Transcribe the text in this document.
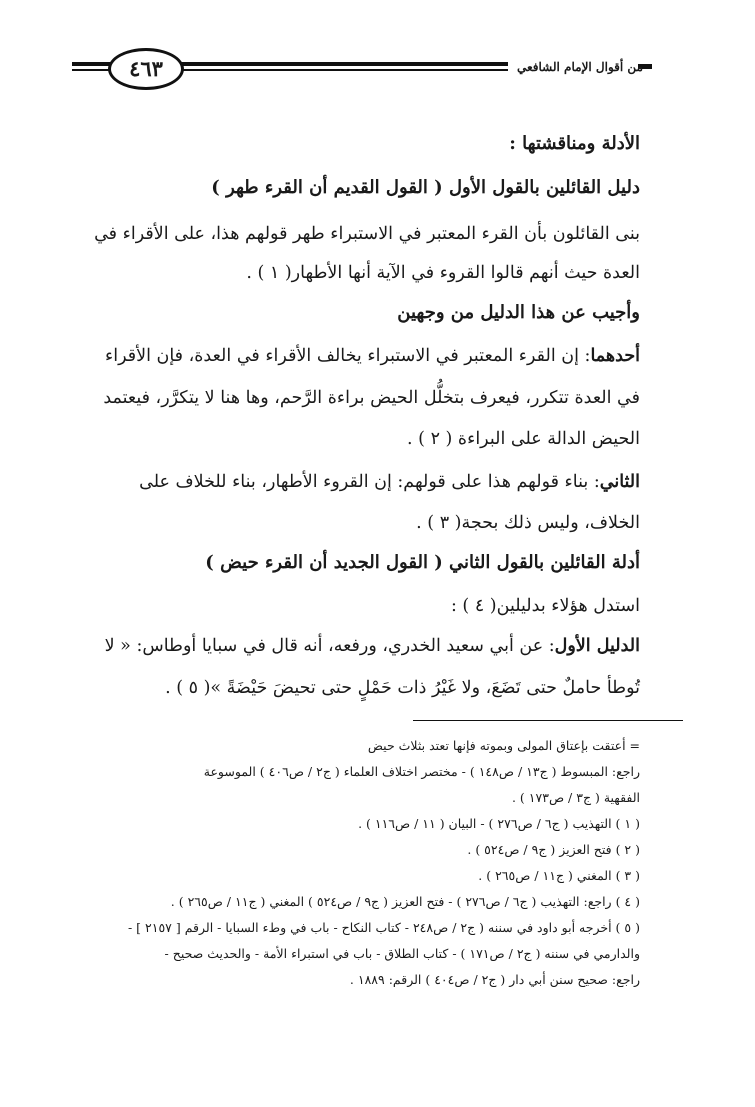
٤٦٣	من أقوال الإمام الشافعي
الأدلة ومناقشتها :
دليل القائلين بالقول الأول ( القول القديم أن القرء طهر )
بنى القائلون بأن القرء المعتبر في الاستبراء طهر قولهم هذا، على الأقراء في
العدة حيث أنهم قالوا القروء في الآية أنها الأطهار( ١ ) .
وأجيب عن هذا الدليل من وجهين
أحدهما: إن القرء المعتبر في الاستبراء يخالف الأقراء في العدة، فإن الأقراء
في العدة تتكرر، فيعرف بتخلُّل الحيض براءة الرَّحم، وها هنا لا يتكرَّر، فيعتمد
الحيض الدالة على البراءة ( ٢ ) .
الثاني: بناء قولهم هذا على قولهم: إن القروء الأطهار، بناء للخلاف على
الخلاف، وليس ذلك بحجة( ٣ ) .
أدلة القائلين بالقول الثاني ( القول الجديد أن القرء حيض )
استدل هؤلاء بدليلين( ٤ ) :
الدليل الأول: عن أبي سعيد الخدري، ورفعه، أنه قال في سبايا أوطاس: « لا
تُوطأ حاملٌ حتى تَضَعَ، ولا غَيْرُ ذات حَمْلٍ حتى تحيضَ حَيْضَةً »( ٥ ) .
= أعتقت بإعتاق المولى وبموته فإنها تعتد بثلاث حيض
راجع: المبسوط ( ج١٣ / ص١٤٨ ) - مختصر اختلاف العلماء ( ج٢ / ص٤٠٦ ) الموسوعة
الفقهية ( ج٣ / ص١٧٣ ) .
( ١ ) التهذيب ( ج٦ / ص٢٧٦ ) - البيان ( ١١ / ص١١٦ ) .
( ٢ ) فتح العزيز ( ج٩ / ص٥٢٤ ) .
( ٣ ) المغني ( ج١١ / ص٢٦٥ ) .
( ٤ ) راجع: التهذيب ( ج٦ / ص٢٧٦ ) - فتح العزيز ( ج٩ / ص٥٢٤ ) المغني ( ج١١ / ص٢٦٥ ) .
( ٥ ) أخرجه أبو داود في سننه ( ج٢ / ص٢٤٨ - كتاب النكاح - باب في وطء السبايا - الرقم [ ٢١٥٧ ] -
والدارمي في سننه ( ج٢ / ص١٧١ ) - كتاب الطلاق - باب في استبراء الأمة - والحديث صحيح -
راجع: صحيح سنن أبي دار ( ج٢ / ص٤٠٤ ) الرقم: ١٨٨٩ .
